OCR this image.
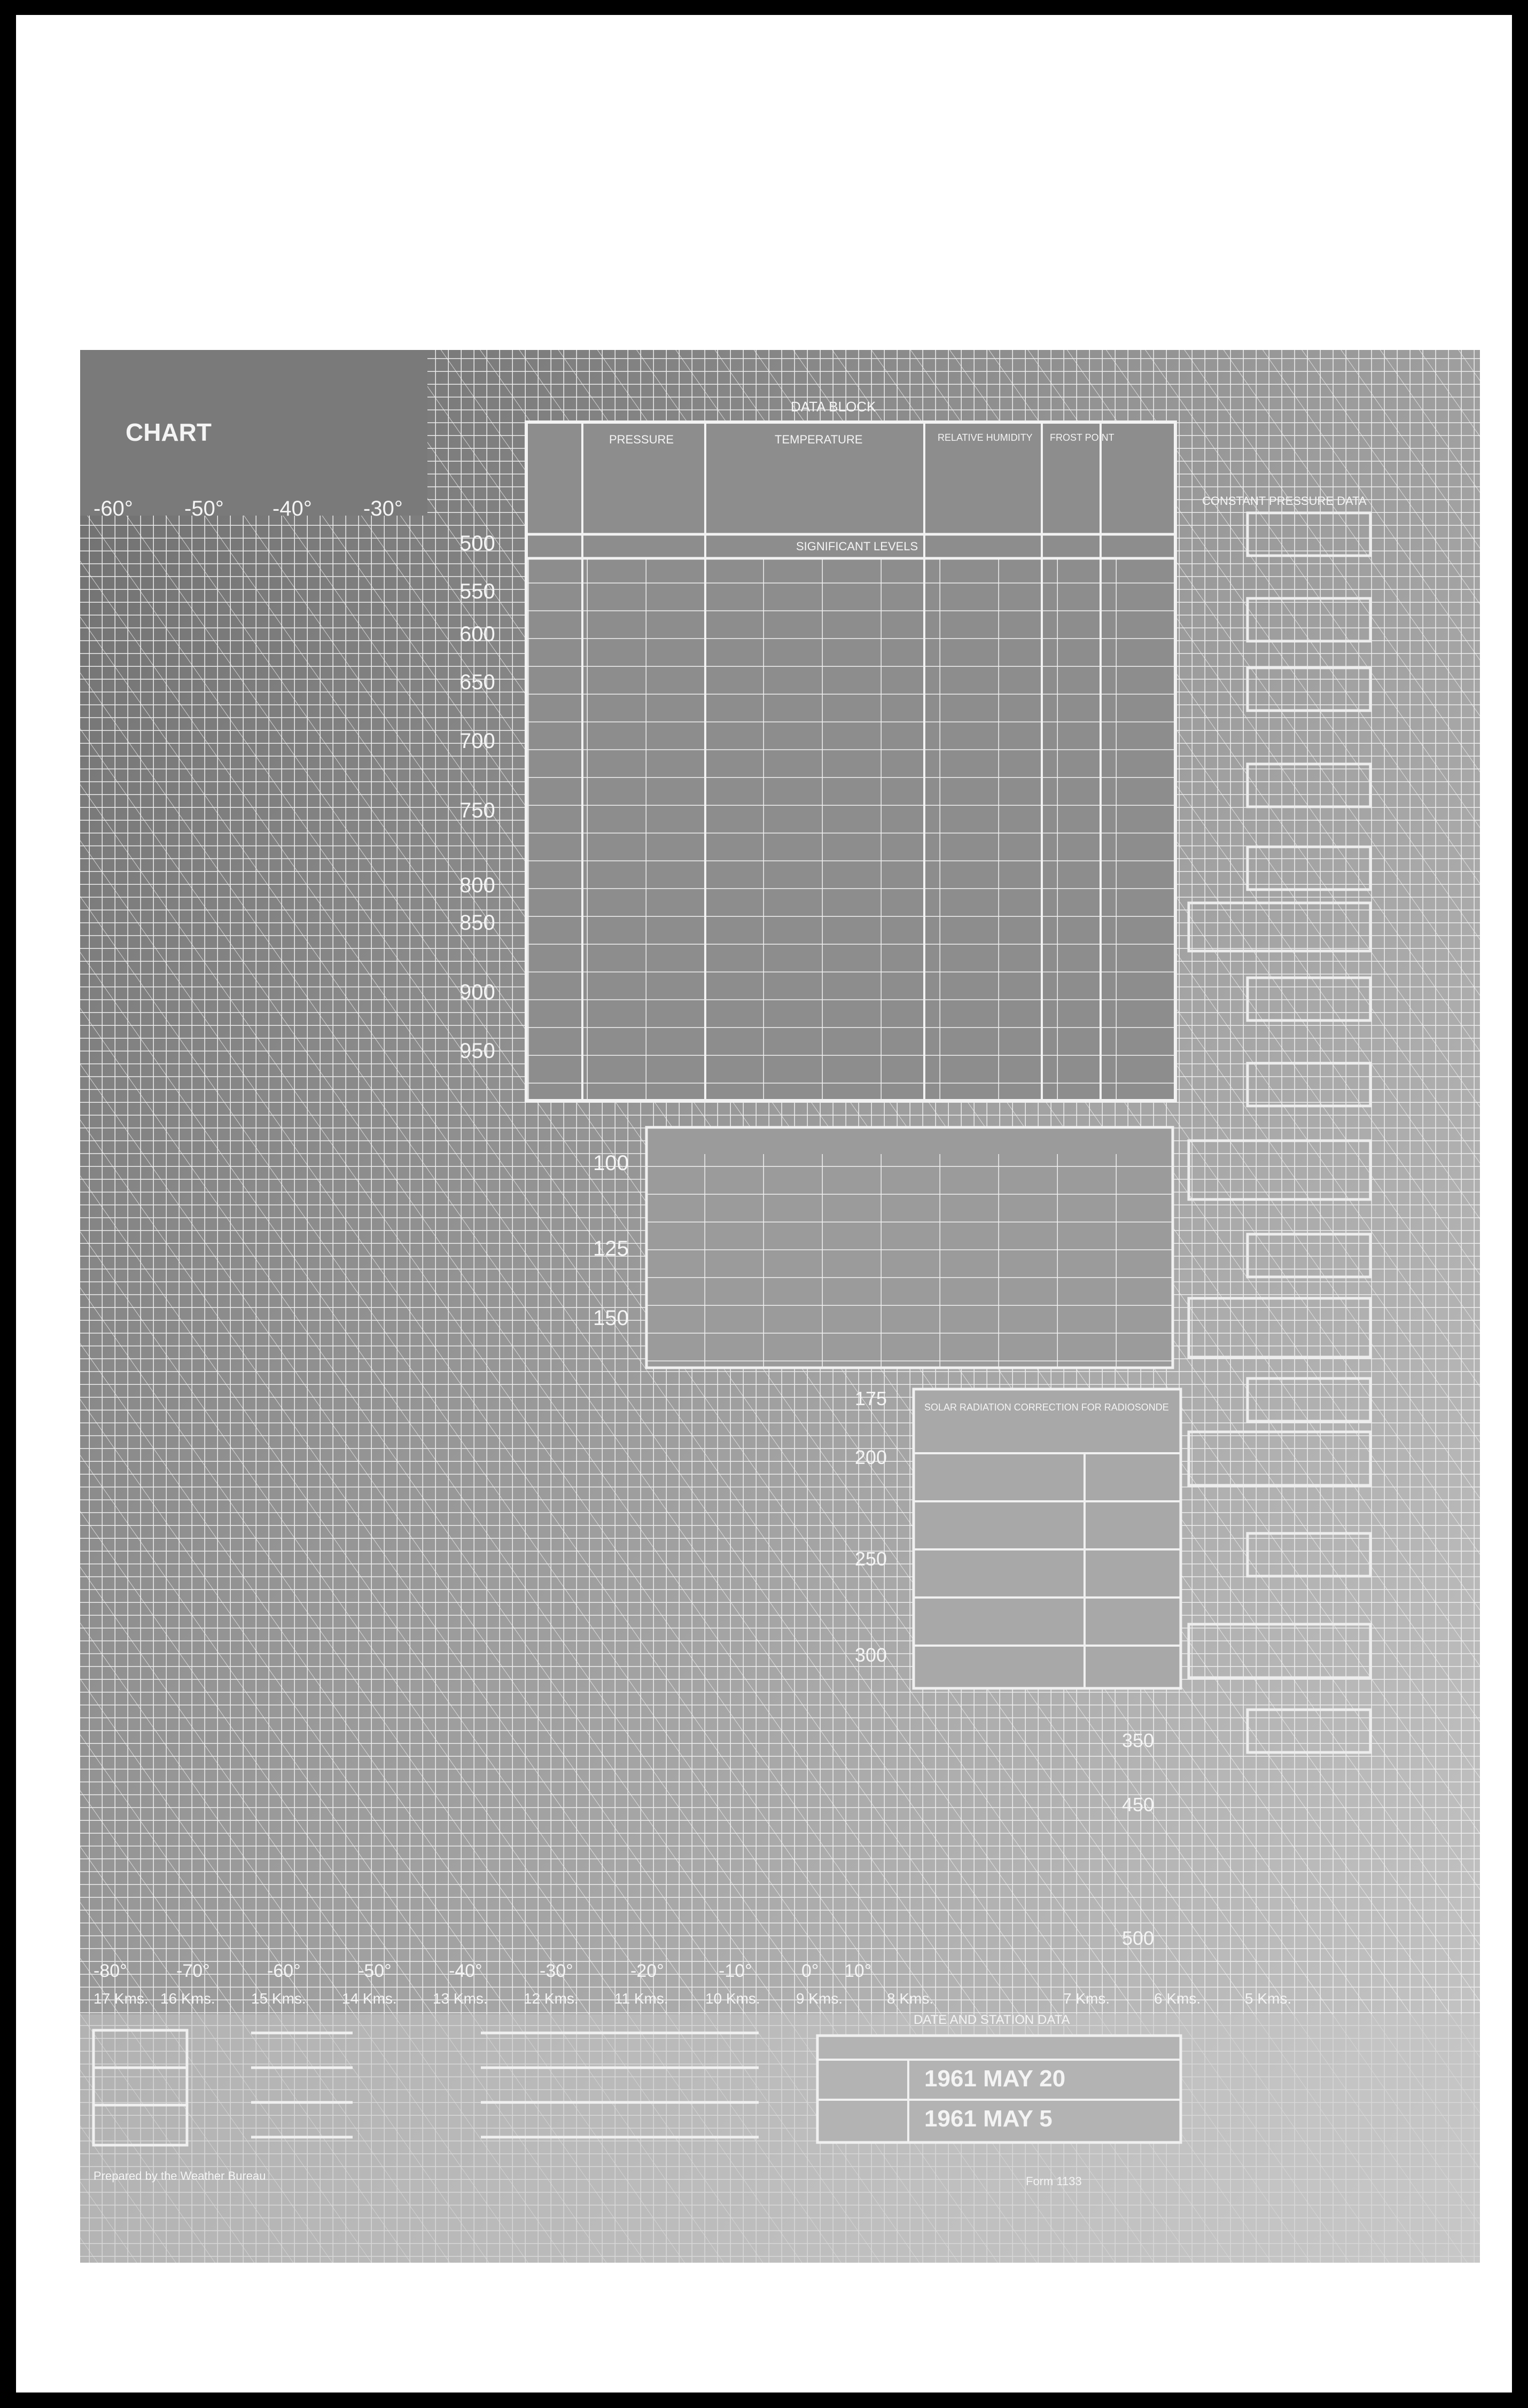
CHART
-60° -50° -40° -30°
DATA BLOCK
PRESSURE	TEMPERATURE	RELATIVE HUMIDITY FROST POINT
SIGNIFICANT LEVELS
500
550
600
650
700
750
800
850
900
950
CONSTANT PRESSURE DATA
100
125
150
SOLAR RADIATION CORRECTION FOR RADIOSONDE
175
200
250
300
350
450
500
-80°	-70°	-60°	-50°	-40°	-30°	-20°	-10°	0° 10°
17 Kms. 16 Kms. 15 Kms. 14 Kms. 13 Kms. 12 Kms. 11 Kms. 10 Kms. 9 Kms.	8 Kms.	7 Kms.	6 Kms.	5 Kms.
DATE AND STATION DATA
1961 MAY 20
1961 MAY 5
Prepared by the Weather Bureau	Form 1133
